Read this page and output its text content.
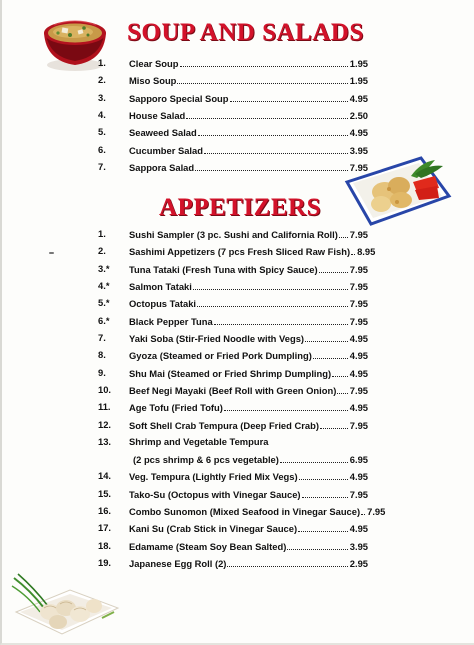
SOUP AND SALADS
1.	Clear Soup	1.95
2.	Miso Soup	1.95
3.	Sapporo Special Soup	4.95
4.	House Salad	2.50
5.	Seaweed Salad	4.95
6.	Cucumber Salad	3.95
7.	Sappora Salad	7.95
APPETIZERS
1.	Sushi Sampler (3 pc. Sushi and California Roll) 7.95
2.	Sashimi Appetizers (7 pcs Fresh Sliced Raw Fish) 8.95
3.*	Tuna Tataki (Fresh Tuna with Spicy Sauce)	7.95
4.*	Salmon Tataki	7.95
5.*	Octopus Tataki	7.95
6.*	Black Pepper Tuna	7.95
7.	Yaki Soba (Stir-Fried Noodle with Vegs)	4.95
8.	Gyoza (Steamed or Fried Pork Dumpling)	4.95
9.	Shu Mai (Steamed or Fried Shrimp Dumpling) 4.95
10.	Beef Negi Mayaki (Beef Roll with Green Onion) 7.95
11.	Age Tofu (Fried Tofu)	4.95
12.	Soft Shell Crab Tempura (Deep Fried Crab)	7.95
13.	Shrimp and Vegetable Tempura
(2 pcs shrimp & 6 pcs vegetable)	6.95
14.	Veg. Tempura (Lightly Fried Mix Vegs)	4.95
15.	Tako-Su (Octopus with Vinegar Sauce)	7.95
16.	Combo Sunomon (Mixed Seafood in Vinegar Sauce) 7.95
17.	Kani Su (Crab Stick in Vinegar Sauce)	4.95
18.	Edamame (Steam Soy Bean Salted)	3.95
19.	Japanese Egg Roll (2)	2.95
